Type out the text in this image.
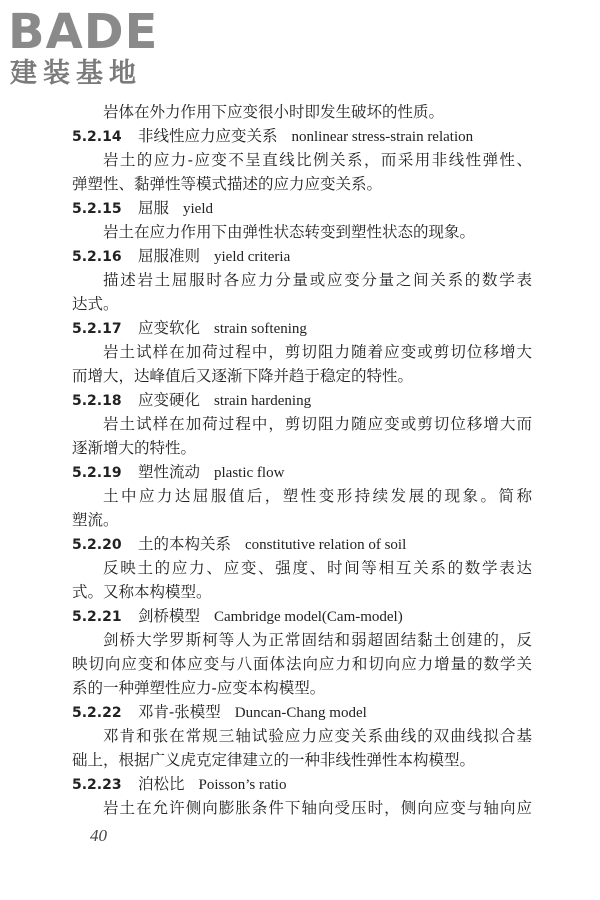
BADE
建装基地
岩体在外力作用下应变很小时即发生破坏的性质。
5.2.14 非线性应力应变关系 nonlinear stress-strain relation
岩土的应力-应变不呈直线比例关系，而采用非线性弹性、
弹塑性、黏弹性等模式描述的应力应变关系。
5.2.15 屈服 yield
岩土在应力作用下由弹性状态转变到塑性状态的现象。
5.2.16 屈服准则 yield criteria
描述岩土屈服时各应力分量或应变分量之间关系的数学表
达式。
5.2.17 应变软化 strain softening
岩土试样在加荷过程中，剪切阻力随着应变或剪切位移增大
而增大，达峰值后又逐渐下降并趋于稳定的特性。
5.2.18 应变硬化 strain hardening
岩土试样在加荷过程中，剪切阻力随应变或剪切位移增大而
逐渐增大的特性。
5.2.19 塑性流动 plastic flow
土中应力达屈服值后，塑性变形持续发展的现象。简称
塑流。
5.2.20 土的本构关系 constitutive relation of soil
反映土的应力、应变、强度、时间等相互关系的数学表达
式。又称本构模型。
5.2.21 剑桥模型 Cambridge model(Cam-model)
剑桥大学罗斯柯等人为正常固结和弱超固结黏土创建的，反
映切向应变和体应变与八面体法向应力和切向应力增量的数学关
系的一种弹塑性应力-应变本构模型。
5.2.22 邓肯-张模型 Duncan-Chang model
邓肯和张在常规三轴试验应力应变关系曲线的双曲线拟合基
础上，根据广义虎克定律建立的一种非线性弹性本构模型。
5.2.23 泊松比 Poisson’s ratio
岩土在允许侧向膨胀条件下轴向受压时，侧向应变与轴向应
40
